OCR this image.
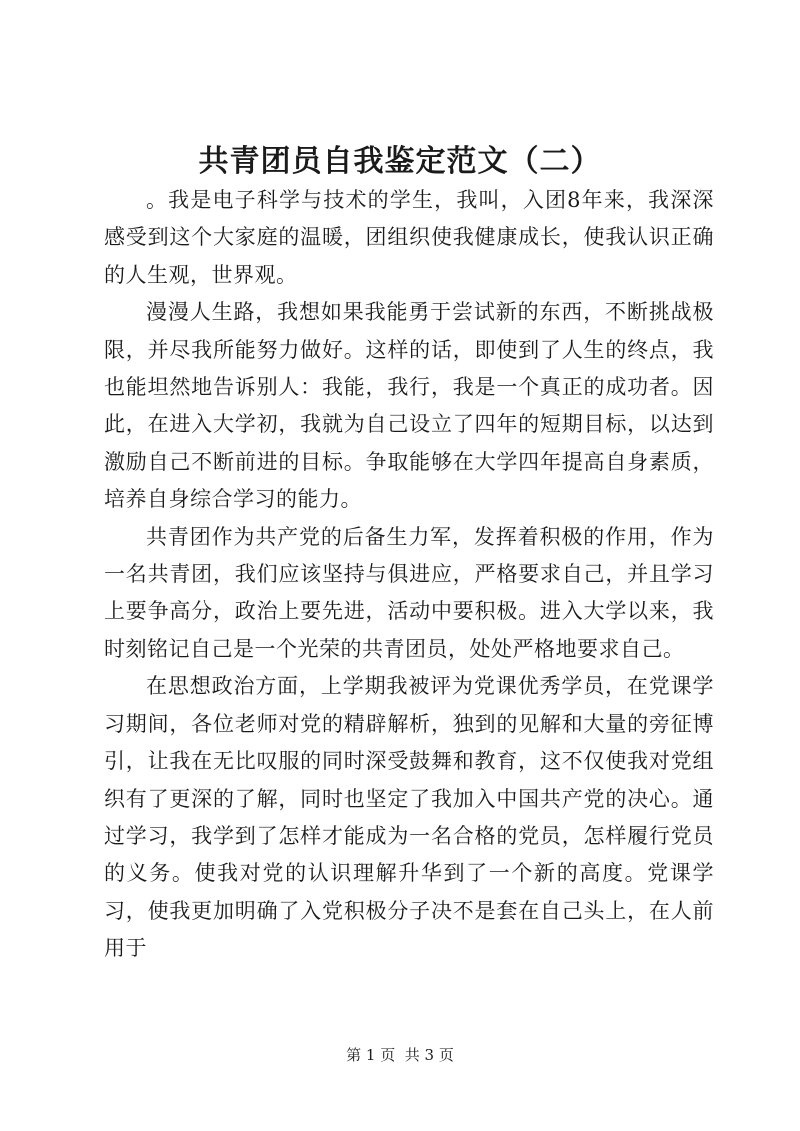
共青团员自我鉴定范文（二）

。我是电子科学与技术的学生，我叫，入团8年来，我深深感受到这个大家庭的温暖，团组织使我健康成长，使我认识正确的人生观，世界观。

漫漫人生路，我想如果我能勇于尝试新的东西，不断挑战极限，并尽我所能努力做好。这样的话，即使到了人生的终点，我也能坦然地告诉别人：我能，我行，我是一个真正的成功者。因此，在进入大学初，我就为自己设立了四年的短期目标，以达到激励自己不断前进的目标。争取能够在大学四年提高自身素质，培养自身综合学习的能力。

共青团作为共产党的后备生力军，发挥着积极的作用，作为一名共青团，我们应该坚持与俱进应，严格要求自己，并且学习上要争高分，政治上要先进，活动中要积极。进入大学以来，我时刻铭记自己是一个光荣的共青团员，处处严格地要求自己。

在思想政治方面，上学期我被评为党课优秀学员，在党课学习期间，各位老师对党的精辟解析，独到的见解和大量的旁征博引，让我在无比叹服的同时深受鼓舞和教育，这不仅使我对党组织有了更深的了解，同时也坚定了我加入中国共产党的决心。通过学习，我学到了怎样才能成为一名合格的党员，怎样履行党员的义务。使我对党的认识理解升华到了一个新的高度。党课学习，使我更加明确了入党积极分子决不是套在自己头上，在人前用于

第 1 页  共 3 页
